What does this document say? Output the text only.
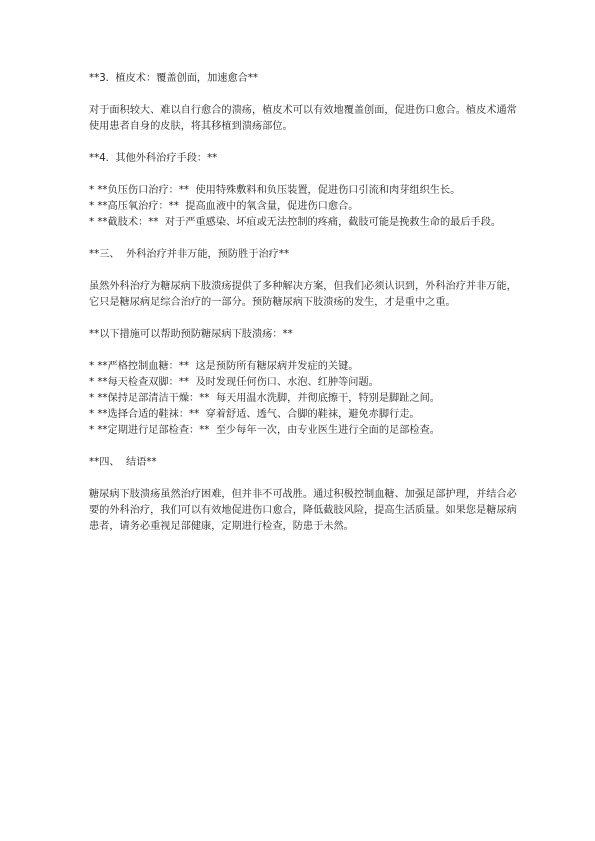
**3.  植皮术：覆盖创面，加速愈合**

对于面积较大、难以自行愈合的溃疡，植皮术可以有效地覆盖创面，促进伤口愈合。植皮术通常使用患者自身的皮肤，将其移植到溃疡部位。

**4.  其他外科治疗手段：**

* **负压伤口治疗：**  使用特殊敷料和负压装置，促进伤口引流和肉芽组织生长。

* **高压氧治疗：**  提高血液中的氧含量，促进伤口愈合。

* **截肢术：**  对于严重感染、坏疽或无法控制的疼痛，截肢可能是挽救生命的最后手段。

**三、  外科治疗并非万能，预防胜于治疗**

虽然外科治疗为糖尿病下肢溃疡提供了多种解决方案，但我们必须认识到，外科治疗并非万能，它只是糖尿病足综合治疗的一部分。预防糖尿病下肢溃疡的发生，才是重中之重。

**以下措施可以帮助预防糖尿病下肢溃疡：**

* **严格控制血糖：**  这是预防所有糖尿病并发症的关键。

* **每天检查双脚：**  及时发现任何伤口、水泡、红肿等问题。

* **保持足部清洁干燥：**  每天用温水洗脚，并彻底擦干，特别是脚趾之间。

* **选择合适的鞋袜：**  穿着舒适、透气、合脚的鞋袜，避免赤脚行走。

* **定期进行足部检查：**  至少每年一次，由专业医生进行全面的足部检查。

**四、  结语**

糖尿病下肢溃疡虽然治疗困难，但并非不可战胜。通过积极控制血糖、加强足部护理，并结合必要的外科治疗，我们可以有效地促进伤口愈合，降低截肢风险，提高生活质量。如果您是糖尿病患者，请务必重视足部健康，定期进行检查，防患于未然。
